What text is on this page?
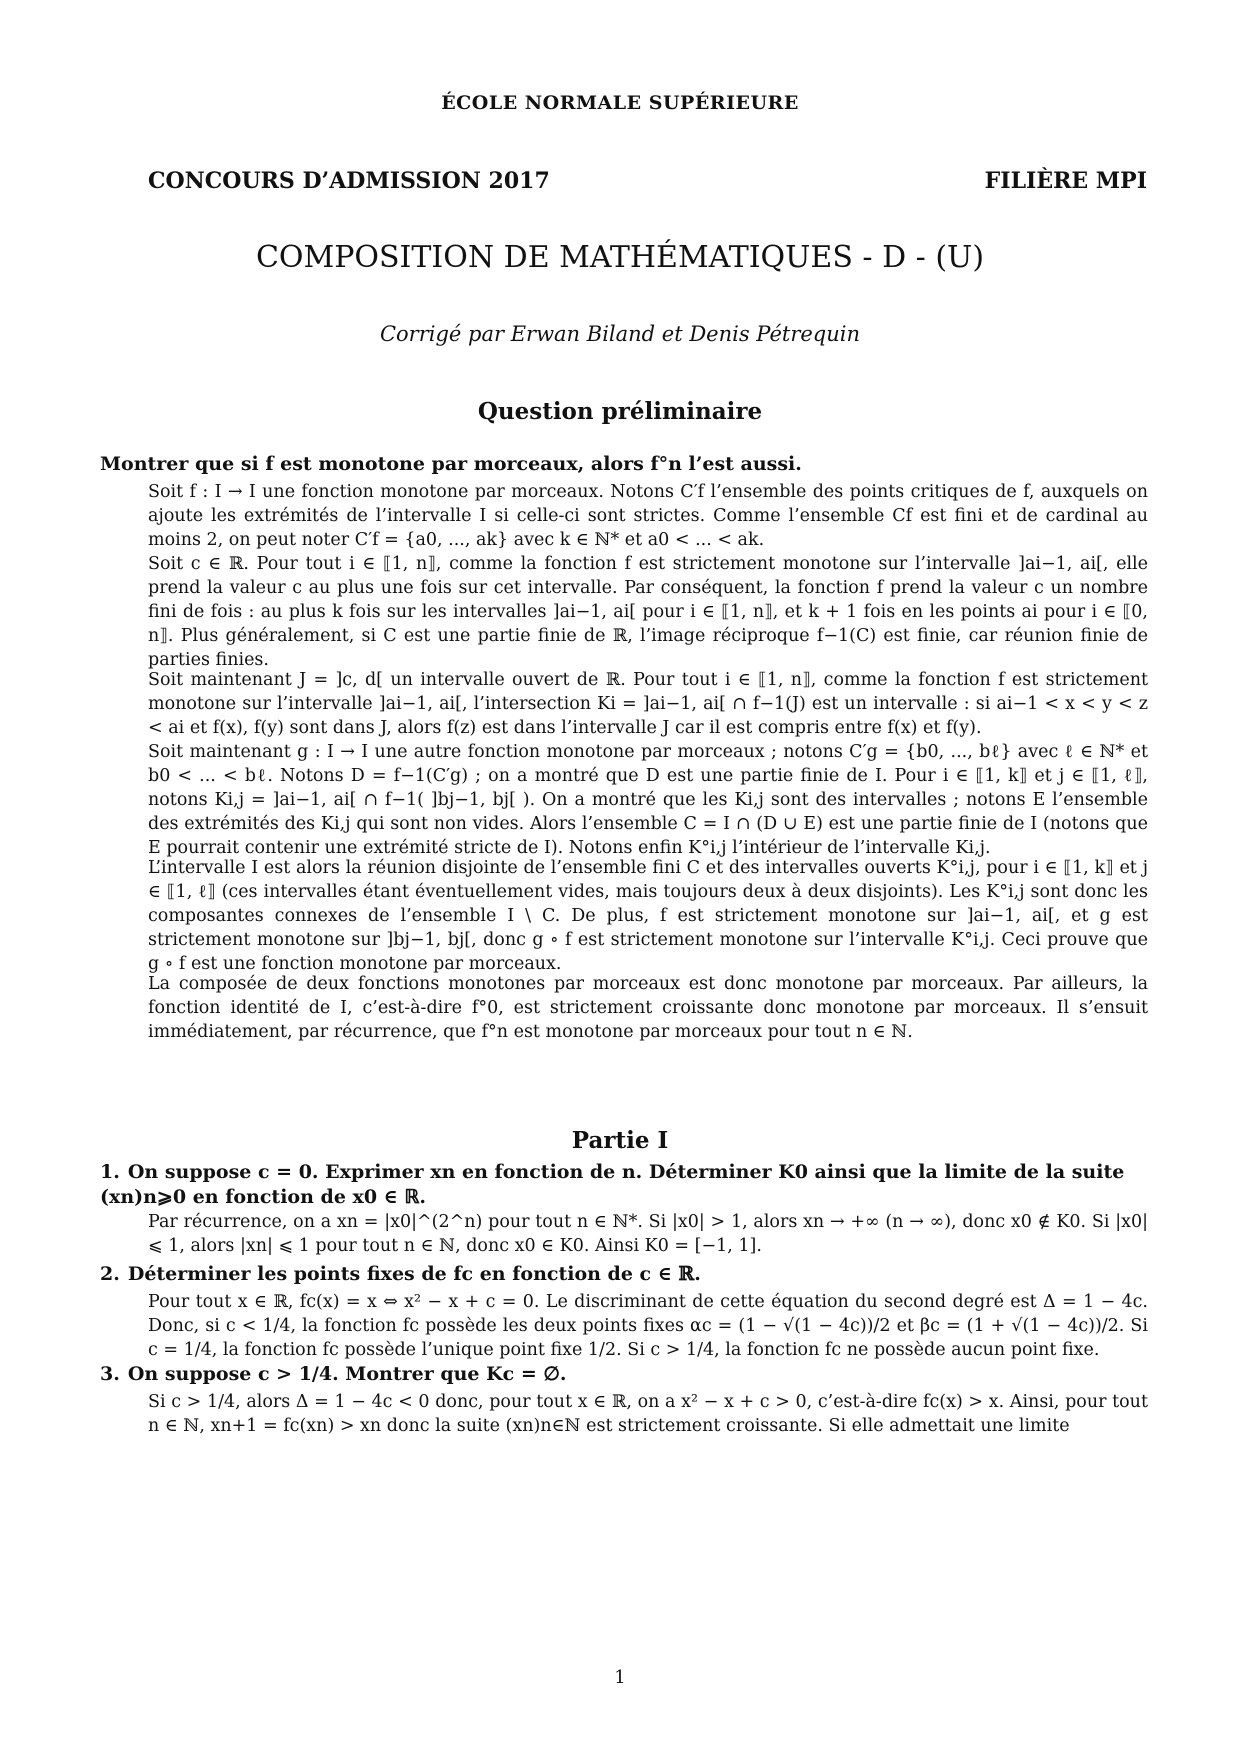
ÉCOLE NORMALE SUPÉRIEURE
CONCOURS D’ADMISSION 2017	FILIÈRE MPI
COMPOSITION DE MATHÉMATIQUES - D - (U)
Corrigé par Erwan Biland et Denis Pétrequin
Question préliminaire
Montrer que si f est monotone par morceaux, alors f°n l’est aussi.

Soit f : I → I une fonction monotone par morceaux. Notons C′f l’ensemble des points critiques de f, auxquels on ajoute les extrémités de l’intervalle I si celle-ci sont strictes. Comme l’ensemble Cf est fini et de cardinal au moins 2, on peut noter C′f = {a0, ..., ak} avec k ∈ ℕ* et a0 < ... < ak.

Soit c ∈ ℝ. Pour tout i ∈ ⟦1, n⟧, comme la fonction f est strictement monotone sur l’intervalle ]ai−1, ai[, elle prend la valeur c au plus une fois sur cet intervalle. Par conséquent, la fonction f prend la valeur c un nombre fini de fois : au plus k fois sur les intervalles ]ai−1, ai[ pour i ∈ ⟦1, n⟧, et k + 1 fois en les points ai pour i ∈ ⟦0, n⟧. Plus généralement, si C est une partie finie de ℝ, l’image réciproque f−1(C) est finie, car réunion finie de parties finies.

Soit maintenant J = ]c, d[ un intervalle ouvert de ℝ. Pour tout i ∈ ⟦1, n⟧, comme la fonction f est strictement monotone sur l’intervalle ]ai−1, ai[, l’intersection Ki = ]ai−1, ai[ ∩ f−1(J) est un intervalle : si ai−1 < x < y < z < ai et f(x), f(y) sont dans J, alors f(z) est dans l’intervalle J car il est compris entre f(x) et f(y).

Soit maintenant g : I → I une autre fonction monotone par morceaux ; notons C′g = {b0, ..., bℓ} avec ℓ ∈ ℕ* et b0 < ... < bℓ. Notons D = f−1(C′g) ; on a montré que D est une partie finie de I. Pour i ∈ ⟦1, k⟧ et j ∈ ⟦1, ℓ⟧, notons Ki,j = ]ai−1, ai[ ∩ f−1( ]bj−1, bj[ ). On a montré que les Ki,j sont des intervalles ; notons E l’ensemble des extrémités des Ki,j qui sont non vides. Alors l’ensemble C = I ∩ (D ∪ E) est une partie finie de I (notons que E pourrait contenir une extrémité stricte de I). Notons enfin K°i,j l’intérieur de l’intervalle Ki,j.

L’intervalle I est alors la réunion disjointe de l’ensemble fini C et des intervalles ouverts K°i,j, pour i ∈ ⟦1, k⟧ et j ∈ ⟦1, ℓ⟧ (ces intervalles étant éventuellement vides, mais toujours deux à deux disjoints). Les K°i,j sont donc les composantes connexes de l’ensemble I \ C. De plus, f est strictement monotone sur ]ai−1, ai[, et g est strictement monotone sur ]bj−1, bj[, donc g ∘ f est strictement monotone sur l’intervalle K°i,j. Ceci prouve que g ∘ f est une fonction monotone par morceaux.

La composée de deux fonctions monotones par morceaux est donc monotone par morceaux. Par ailleurs, la fonction identité de I, c’est-à-dire f°0, est strictement croissante donc monotone par morceaux. Il s’ensuit immédiatement, par récurrence, que f°n est monotone par morceaux pour tout n ∈ ℕ.

Partie I
1. On suppose c = 0. Exprimer xn en fonction de n. Déterminer K0 ainsi que la limite de la suite (xn)n⩾0 en fonction de x0 ∈ ℝ.

Par récurrence, on a xn = |x0|^(2^n) pour tout n ∈ ℕ*. Si |x0| > 1, alors xn → +∞ (n → ∞), donc x0 ∉ K0. Si |x0| ⩽ 1, alors |xn| ⩽ 1 pour tout n ∈ ℕ, donc x0 ∈ K0. Ainsi K0 = [−1, 1].

2. Déterminer les points fixes de fc en fonction de c ∈ ℝ.

Pour tout x ∈ ℝ, fc(x) = x ⇔ x² − x + c = 0. Le discriminant de cette équation du second degré est Δ = 1 − 4c. Donc, si c < 1/4, la fonction fc possède les deux points fixes αc = (1 − √(1 − 4c))/2 et βc = (1 + √(1 − 4c))/2. Si c = 1/4, la fonction fc possède l’unique point fixe 1/2. Si c > 1/4, la fonction fc ne possède aucun point fixe.

3. On suppose c > 1/4. Montrer que Kc = ∅.

Si c > 1/4, alors Δ = 1 − 4c < 0 donc, pour tout x ∈ ℝ, on a x² − x + c > 0, c’est-à-dire fc(x) > x. Ainsi, pour tout n ∈ ℕ, xn+1 = fc(xn) > xn donc la suite (xn)n∈ℕ est strictement croissante. Si elle admettait une limite

1
